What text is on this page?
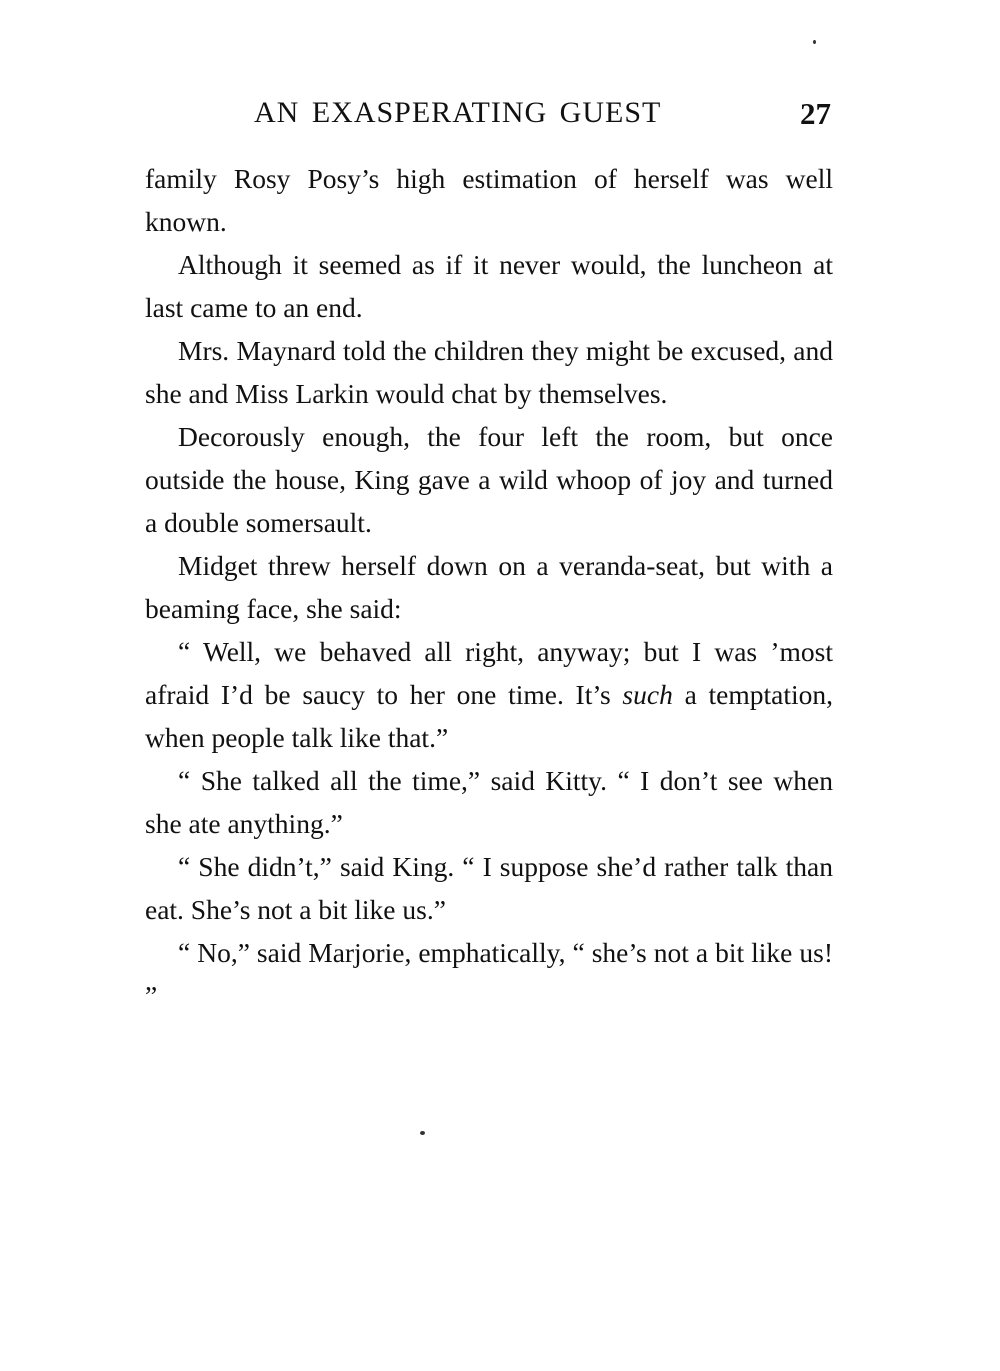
AN EXASPERATING GUEST	27

family Rosy Posy’s high estimation of herself was well known.

Although it seemed as if it never would, the luncheon at last came to an end.

Mrs. Maynard told the children they might be excused, and she and Miss Larkin would chat by themselves.

Decorously enough, the four left the room, but once outside the house, King gave a wild whoop of joy and turned a double somersault.

Midget threw herself down on a veranda-seat, but with a beaming face, she said:

“ Well, we behaved all right, anyway; but I was ’most afraid I’d be saucy to her one time. It’s such a temptation, when people talk like that.”

“ She talked all the time,” said Kitty. “ I don’t see when she ate anything.”

“ She didn’t,” said King. “ I suppose she’d rather talk than eat. She’s not a bit like us.”

“ No,” said Marjorie, emphatically, “ she’s not a bit like us! ”
